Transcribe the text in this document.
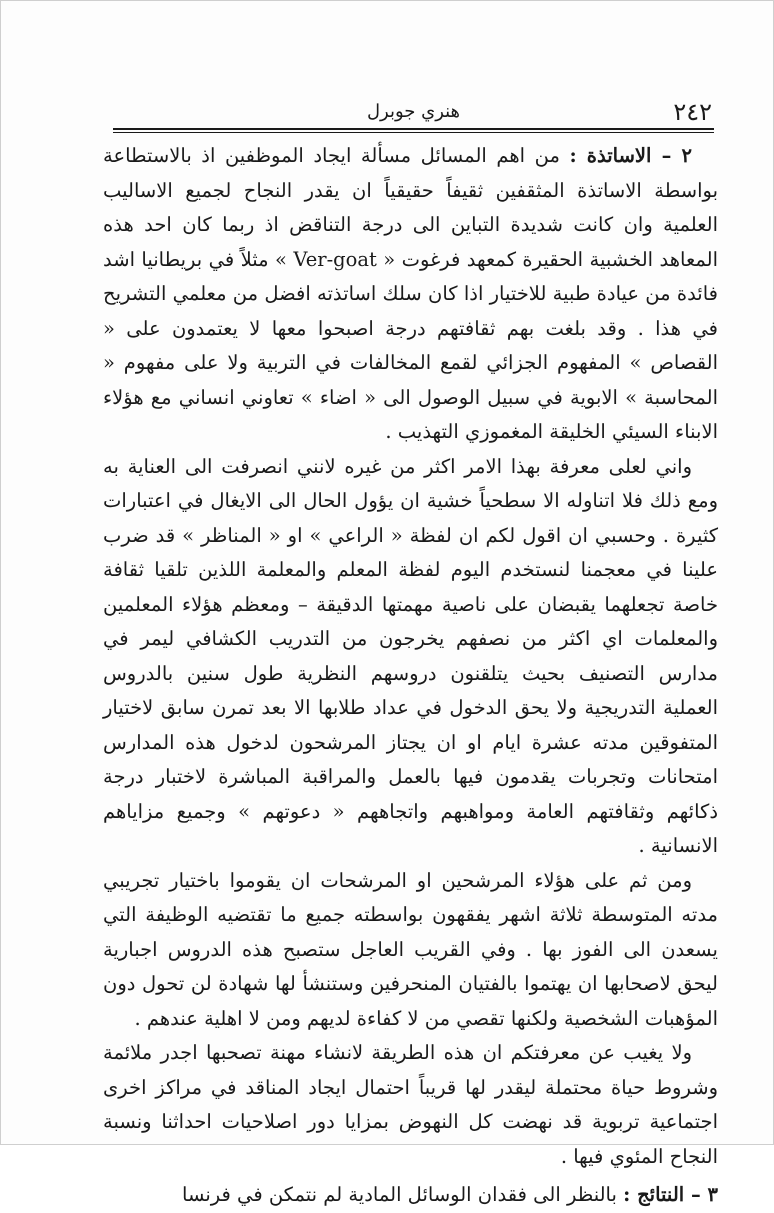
٢٤٢
هنري جوبرل

٢ – الاساتذة : من اهم المسائل مسألة ايجاد الموظفين اذ بالاستطاعة بواسطة الاساتذة المثقفين ثقيفاً حقيقياً ان يقدر النجاح لجميع الاساليب العلمية وان كانت شديدة التباين الى درجة التناقض اذ ربما كان احد هذه المعاهد الخشبية الحقيرة كمعهد فرغوت « Ver-goat » مثلاً في بريطانيا اشد فائدة من عيادة طبية للاختيار اذا كان سلك اساتذته افضل من معلمي التشريح في هذا . وقد بلغت بهم ثقافتهم درجة اصبحوا معها لا يعتمدون على « القصاص » المفهوم الجزائي لقمع المخالفات في التربية ولا على مفهوم « المحاسبة » الابوية في سبيل الوصول الى « اضاء » تعاوني انساني مع هؤلاء الابناء السيئي الخليقة المغموزي التهذيب .

واني لعلى معرفة بهذا الامر اكثر من غيره لانني انصرفت الى العناية به ومع ذلك فلا اتناوله الا سطحياً خشية ان يؤول الحال الى الايغال في اعتبارات كثيرة . وحسبي ان اقول لكم ان لفظة « الراعي » او « المناظر » قد ضرب علينا في معجمنا لنستخدم اليوم لفظة المعلم والمعلمة اللذين تلقيا ثقافة خاصة تجعلهما يقبضان على ناصية مهمتها الدقيقة – ومعظم هؤلاء المعلمين والمعلمات اي اكثر من نصفهم يخرجون من التدريب الكشافي ليمر في مدارس التصنيف بحيث يتلقنون دروسهم النظرية طول سنين بالدروس العملية التدريجية ولا يحق الدخول في عداد طلابها الا بعد تمرن سابق لاختيار المتفوقين مدته عشرة ايام او ان يجتاز المرشحون لدخول هذه المدارس امتحانات وتجربات يقدمون فيها بالعمل والمراقبة المباشرة لاختبار درجة ذكائهم وثقافتهم العامة ومواهبهم واتجاههم « دعوتهم » وجميع مزاياهم الانسانية .

ومن ثم على هؤلاء المرشحين او المرشحات ان يقوموا باختيار تجريبي مدته المتوسطة ثلاثة اشهر يفقهون بواسطته جميع ما تقتضيه الوظيفة التي يسعدن الى الفوز بها . وفي القريب العاجل ستصبح هذه الدروس اجبارية ليحق لاصحابها ان يهتموا بالفتيان المنحرفين وستنشأ لها شهادة لن تحول دون المؤهبات الشخصية ولكنها تقصي من لا كفاءة لديهم ومن لا اهلية عندهم .

ولا يغيب عن معرفتكم ان هذه الطريقة لانشاء مهنة تصحبها اجدر ملائمة وشروط حياة محتملة ليقدر لها قريباً احتمال ايجاد المناقد في مراكز اخرى اجتماعية تربوية قد نهضت كل النهوض بمزايا دور اصلاحيات احداثنا ونسبة النجاح المئوي فيها .

٣ – النتائج : بالنظر الى فقدان الوسائل المادية لم نتمكن في فرنسا
